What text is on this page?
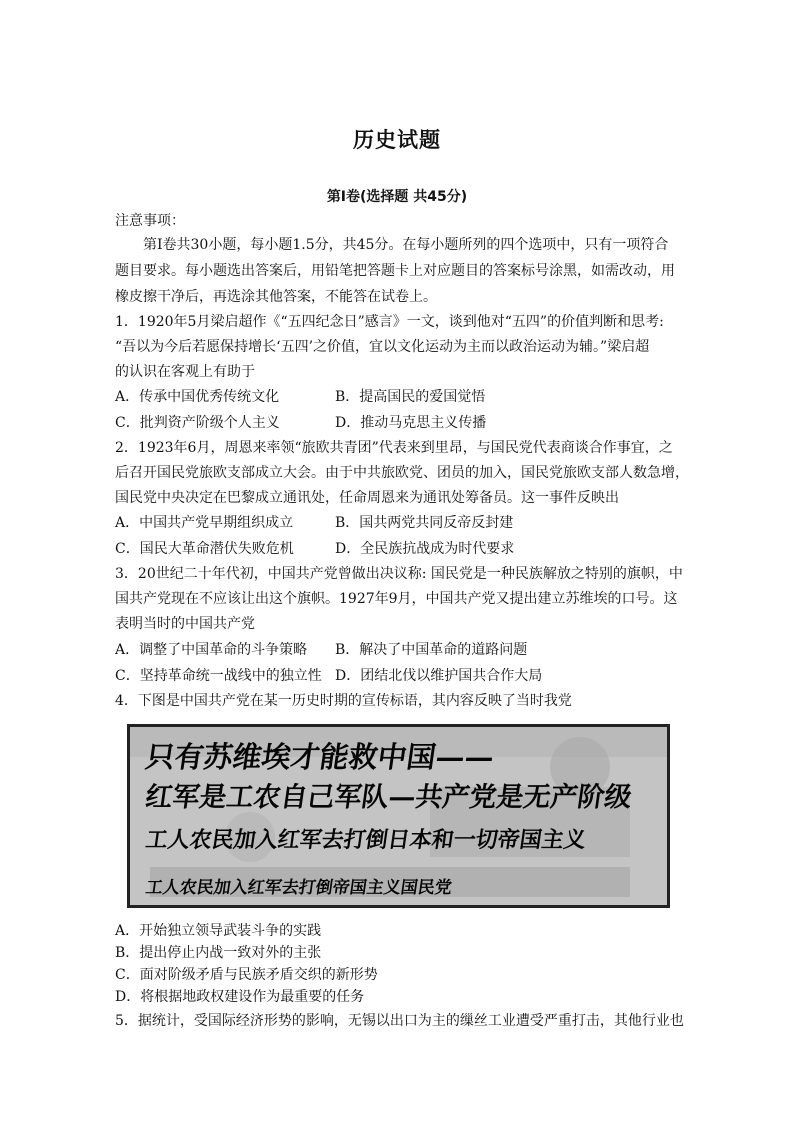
历史试题
第Ⅰ卷(选择题 共45分)
注意事项：
第Ⅰ卷共30小题，每小题1.5分，共45分。在每小题所列的四个选项中，只有一项符合
题目要求。每小题选出答案后，用铅笔把答题卡上对应题目的答案标号涂黑，如需改动，用
橡皮擦干净后，再选涂其他答案，不能答在试卷上。
1．1920年5月梁启超作《“五四纪念日”感言》一文，谈到他对“五四”的价值判断和思考:
“吾以为今后若愿保持增长‘五四’之价值，宜以文化运动为主而以政治运动为辅。”梁启超
的认识在客观上有助于
A．传承中国优秀传统文化	B．提高国民的爱国觉悟
C．批判资产阶级个人主义	D．推动马克思主义传播
2．1923年6月，周恩来率领“旅欧共青团”代表来到里昂，与国民党代表商谈合作事宜，之
后召开国民党旅欧支部成立大会。由于中共旅欧党、团员的加入，国民党旅欧支部人数急增，
国民党中央决定在巴黎成立通讯处，任命周恩来为通讯处筹备员。这一事件反映出
A．中国共产党早期组织成立	B．国共两党共同反帝反封建
C．国民大革命潜伏失败危机	D．全民族抗战成为时代要求
3．20世纪二十年代初，中国共产党曾做出决议称: 国民党是一种民族解放之特别的旗帜，中
国共产党现在不应该让出这个旗帜。1927年9月，中国共产党又提出建立苏维埃的口号。这
表明当时的中国共产党
A．调整了中国革命的斗争策略 B．解决了中国革命的道路问题
C．坚持革命统一战线中的独立性 D．团结北伐以维护国共合作大局
4．下图是中国共产党在某一历史时期的宣传标语，其内容反映了当时我党
只有苏维埃才能救中国——
红军是工农自己军队—共产党是无产阶级
工人农民加入红军去打倒日本和一切帝国主义
工人农民加入红军去打倒帝国主义国民党
A．开始独立领导武装斗争的实践
B．提出停止内战一致对外的主张
C．面对阶级矛盾与民族矛盾交织的新形势
D．将根据地政权建设作为最重要的任务
5．据统计，受国际经济形势的影响，无锡以出口为主的缫丝工业遭受严重打击，其他行业也
